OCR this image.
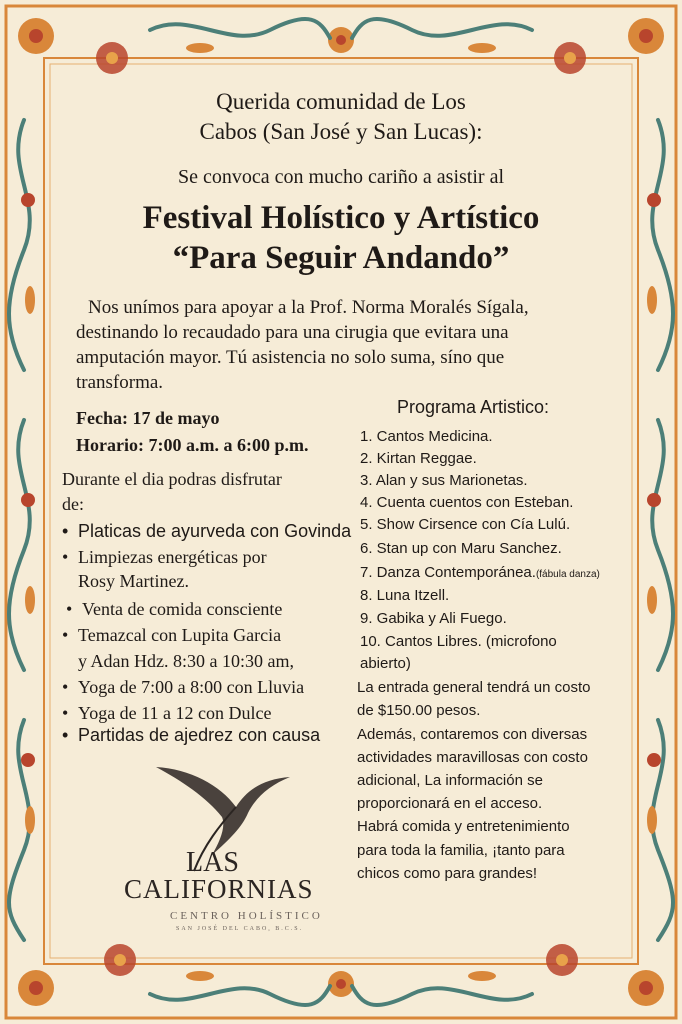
Querida comunidad de Los

Cabos (San José y San Lucas):

Se convoca con mucho cariño a asistir al

Festival Holístico y Artístico
“Para Seguir Andando”

Nos unímos para apoyar a la Prof. Norma Moralés Sígala,

destinando lo recaudado para una cirugia que evitara una

amputación mayor. Tú asistencia no solo suma, síno que

transforma.

Fecha: 17 de mayo

Horario: 7:00 a.m. a 6:00 p.m.

Durante el dia podras disfrutar

de:

• Platicas de ayurveda con Govinda

• Limpiezas energéticas por

Rosy Martinez.

• Venta de comida consciente

• Temazcal con Lupita Garcia

y Adan Hdz. 8:30 a 10:30 am,

• Yoga de 7:00 a 8:00 con Lluvia

• Yoga de 11 a 12 con Dulce

• Partidas de ajedrez con causa

Programa Artistico:

1. Cantos Medicina.

2. Kirtan Reggae.

3. Alan y sus Marionetas.

4. Cuenta cuentos con Esteban.

5. Show Cirsence con Cía Lulú.

6. Stan up con Maru Sanchez.

7. Danza Contemporánea.(fábula danza)

8. Luna Itzell.

9. Gabika y Ali Fuego.

10. Cantos Libres. (microfono

abierto)

La entrada general tendrá un costo

de $150.00 pesos.

Además, contaremos con diversas

actividades maravillosas con costo

adicional, La información se

proporcionará en el acceso.

Habrá comida y entretenimiento

para toda la familia, ¡tanto para

chicos como para grandes!

LAS

CALIFORNIAS

CENTRO HOLÍSTICO

SAN JOSÉ DEL CABO, B.C.S.
